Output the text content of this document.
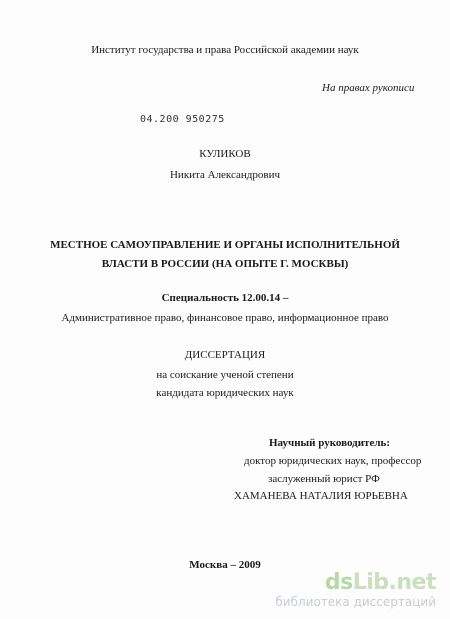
Институт государства и права Российской академии наук
На правах рукописи
04.200 950275
КУЛИКОВ
Никита Александрович
МЕСТНОЕ САМОУПРАВЛЕНИЕ И ОРГАНЫ ИСПОЛНИТЕЛЬНОЙ
ВЛАСТИ В РОССИИ (НА ОПЫТЕ Г. МОСКВЫ)
Специальность 12.00.14 –
Административное право, финансовое право, информационное право
ДИССЕРТАЦИЯ
на соискание ученой степени
кандидата юридических наук
Научный руководитель:
доктор юридических наук, профессор
заслуженный юрист РФ
ХАМАНЕВА НАТАЛИЯ ЮРЬЕВНА
Москва – 2009
dsLib.net
библиотека диссертаций
